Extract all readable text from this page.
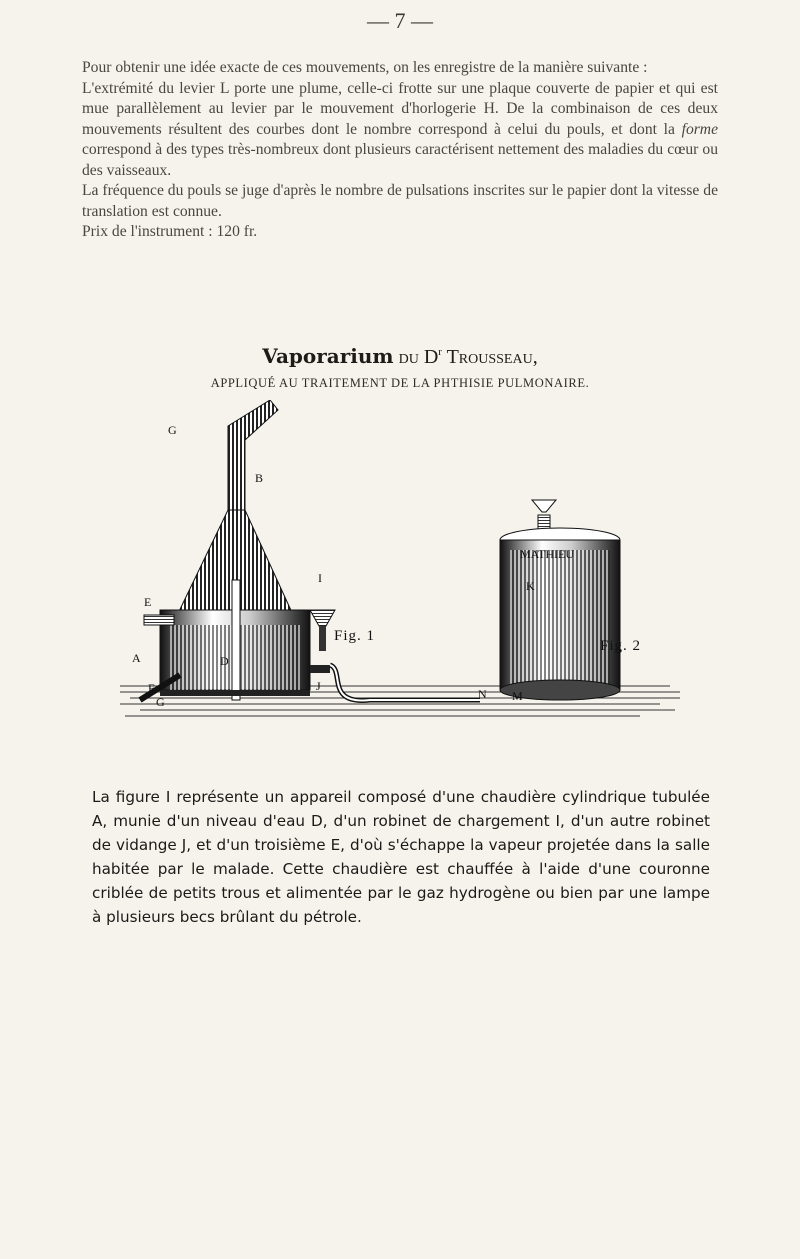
— 7 —

Pour obtenir une idée exacte de ces mouvements, on les enregistre de la manière suivante :

L'extrémité du levier L porte une plume, celle-ci frotte sur une plaque couverte de papier et qui est mue parallèlement au levier par le mouvement d'horlogerie H. De la combinaison de ces deux mouvements résultent des courbes dont le nombre correspond à celui du pouls, et dont la forme correspond à des types très-nombreux dont plusieurs caractérisent nettement des maladies du cœur ou des vaisseaux.

La fréquence du pouls se juge d'après le nombre de pulsations inscrites sur le papier dont la vitesse de translation est connue.

Prix de l'instrument : 120 fr.

Vaporarium du $D^r$ Trousseau,
APPLIQUÉ AU TRAITEMENT DE LA PHTHISIE PULMONAIRE.
G
B
I
E
A	D
J
F
G
K
N M
Fig. 1
Fig. 2
MATHIEU

La figure I représente un appareil composé d'une chaudière cylindrique tubulée A, munie d'un niveau d'eau D, d'un robinet de chargement I, d'un autre robinet de vidange J, et d'un troisième E, d'où s'échappe la vapeur projetée dans la salle habitée par le malade. Cette chaudière est chauffée à l'aide d'une couronne criblée de petits trous et alimentée par le gaz hydrogène ou bien par une lampe à plusieurs becs brûlant du pétrole.
